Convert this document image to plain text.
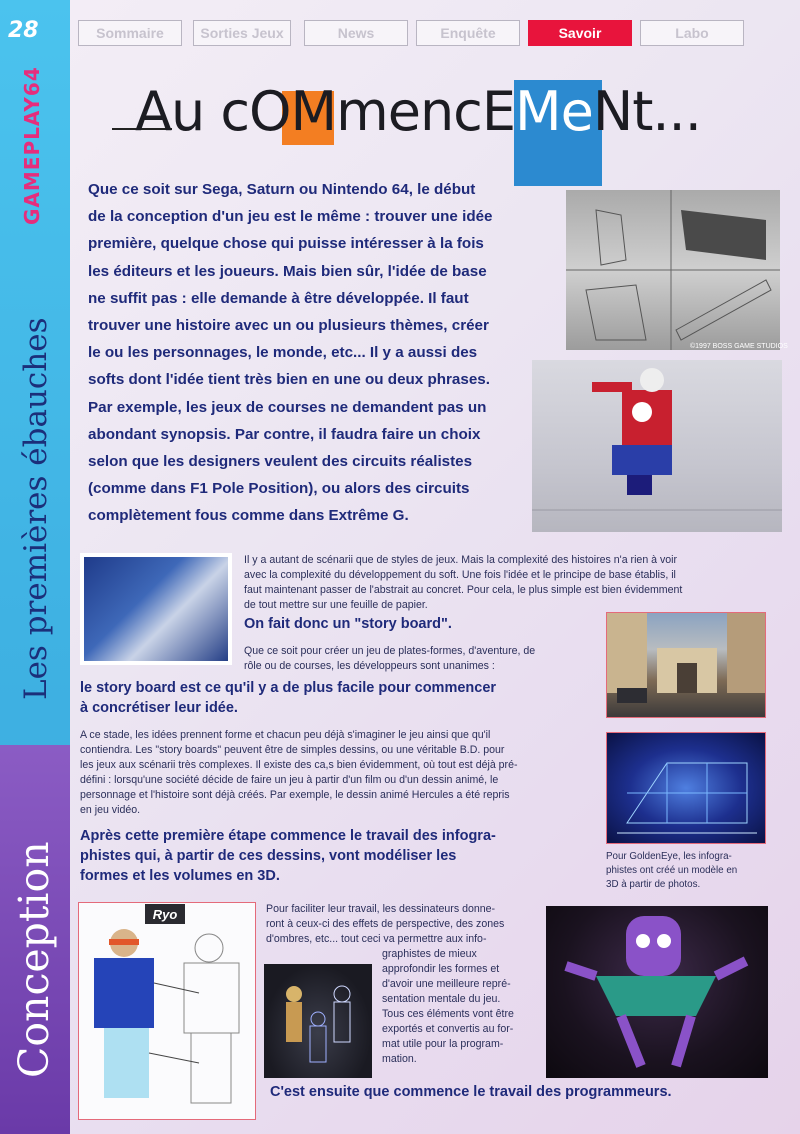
28
GAMEPLAY64
Les premières ébauches
Conception
Sommaire	Sorties Jeux	News	Enquête	Savoir	Labo
Au cOMmencEMeNt...
Que ce soit sur Sega, Saturn ou Nintendo 64, le début
de la conception d'un jeu est le même : trouver une idée
première, quelque chose qui puisse intéresser à la fois
les éditeurs et les joueurs. Mais bien sûr, l'idée de base
ne suffit pas : elle demande à être développée. Il faut
trouver une histoire avec un ou plusieurs thèmes, créer
le ou les personnages, le monde, etc... Il y a aussi des
softs dont l'idée tient très bien en une ou deux phrases.
Par exemple, les jeux de courses ne demandent pas un
abondant synopsis. Par contre, il faudra faire un choix
selon que les designers veulent des circuits réalistes
(comme dans F1 Pole Position), ou alors des circuits
complètement fous comme dans Extrême G.
©1997 BOSS GAME STUDIOS
Il y a autant de scénarii que de styles de jeux. Mais la complexité des histoires n'a rien à voir
avec la complexité du développement du soft. Une fois l'idée et le principe de base établis, il
faut maintenant passer de l'abstrait au concret. Pour cela, le plus simple est bien évidemment
de tout mettre sur une feuille de papier.
On fait donc un "story board".
Que ce soit pour créer un jeu de plates-formes, d'aventure, de
rôle ou de courses, les développeurs sont unanimes :
le story board est ce qu'il y a de plus facile pour commencer
à concrétiser leur idée.
A ce stade, les idées prennent forme et chacun peu déjà s'imaginer le jeu ainsi que qu'il
contiendra. Les "story boards" peuvent être de simples dessins, ou une véritable B.D. pour
les jeux aux scénarii très complexes. Il existe des ca,s bien évidemment, où tout est déjà pré-
défini : lorsqu'une société décide de faire un jeu à partir d'un film ou d'un dessin animé, le
personnage et l'histoire sont déjà créés. Par exemple, le dessin animé Hercules a été repris
en jeu vidéo.
Après cette première étape commence le travail des infogra-
phistes qui, à partir de ces dessins, vont modéliser les
formes et les volumes en 3D.
Pour GoldenEye, les infogra-
phistes ont créé un modèle en
3D à partir de photos.
Ryo	Pour faciliter leur travail, les dessinateurs donne-
ront à ceux-ci des effets de perspective, des zones
d'ombres, etc... tout ceci va permettre aux info-
graphistes de mieux
approfondir les formes et
d'avoir une meilleure repré-
sentation mentale du jeu.
Tous ces éléments vont être
exportés et convertis au for-
mat utile pour la program-
mation.
C'est ensuite que commence le travail des programmeurs.
